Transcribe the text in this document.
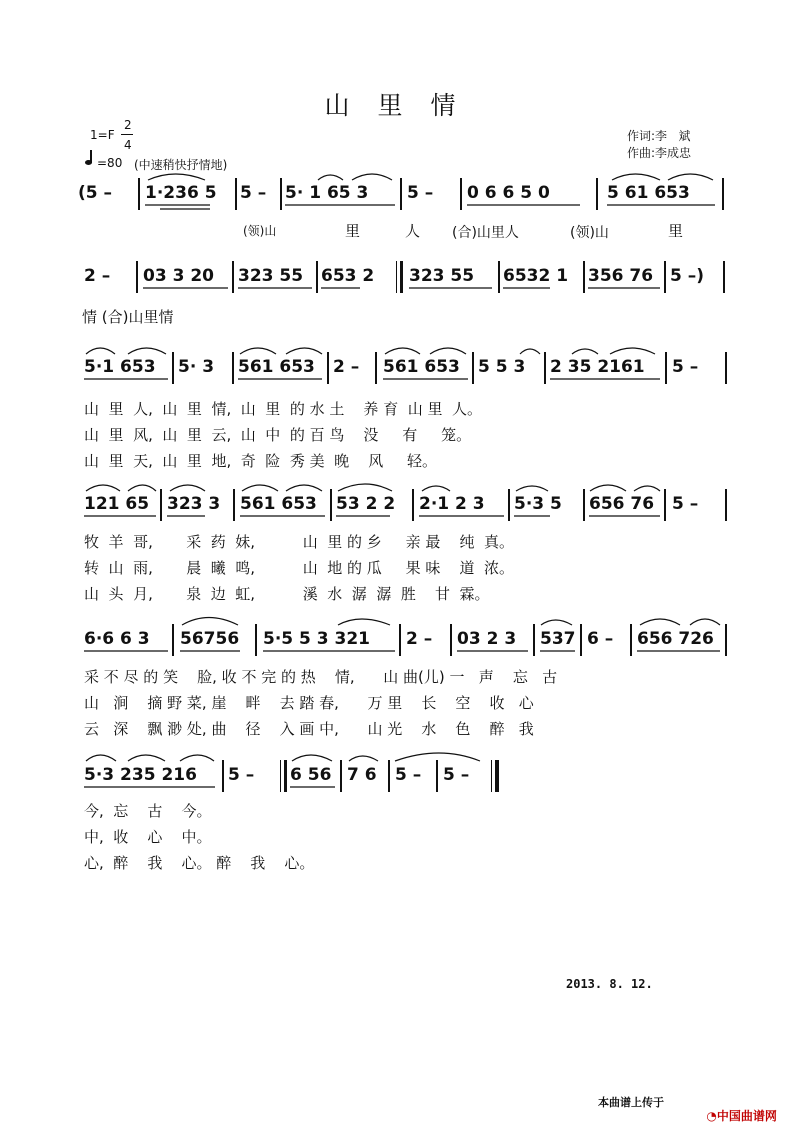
山 里 情
1=F
2
4
=80 (中速稍快抒情地)
作词:李   斌
作曲:李成忠
(5 – 1·236 5 5 – 5· 1 65 3 5 – 0 6 6 5 0	5 61 653
(领)山	里	人 (合)山里人	(领)山	里
2 – 03 3 20 323 55 653 2 323 55 6532 1 356 76 5 –)
情 (合)山里情
5·1 653 5· 3 561 653 2 – 561 653 5 5 3 2 35 2161 5 –
山  里  人,  山  里  情,  山  里  的 水 土    养 育  山 里  人。
山  里  风,  山  里  云,  山  中  的 百 鸟    没     有     笼。
山  里  天,  山  里  地,  奇  险  秀 美  晚    风     轻。
121 65 323 3 561 653 53 2 2 2·1 2 3 5·3 5 656 76 5 –
牧  羊  哥,       采  药  妹,          山  里 的 乡     亲 最    纯  真。
转  山  雨,       晨  曦  鸣,          山  地 的 瓜     果 味    道  浓。
山  头  月,       泉  边  虹,          溪  水  潺  潺  胜    甘  霖。
6·6 6 3 56756 5·5 5 3 321 2 – 03 2 3 537 6 – 656 726
采 不 尽 的 笑    脸, 收 不 完 的 热    情,      山 曲(儿) 一   声    忘   古
山   涧    摘 野 菜, 崖    畔    去 踏 春,      万 里    长    空    收   心
云   深    飘 渺 处, 曲    径    入 画 中,      山 光    水    色    醉   我
5·3 235 216 5 – 6 56 7 6 5 – 5 –
今,  忘    古    今。
中,  收    心    中。
心,  醉    我    心。 醉    我    心。
2013. 8. 12.
本曲谱上传于

◔中国曲谱网
